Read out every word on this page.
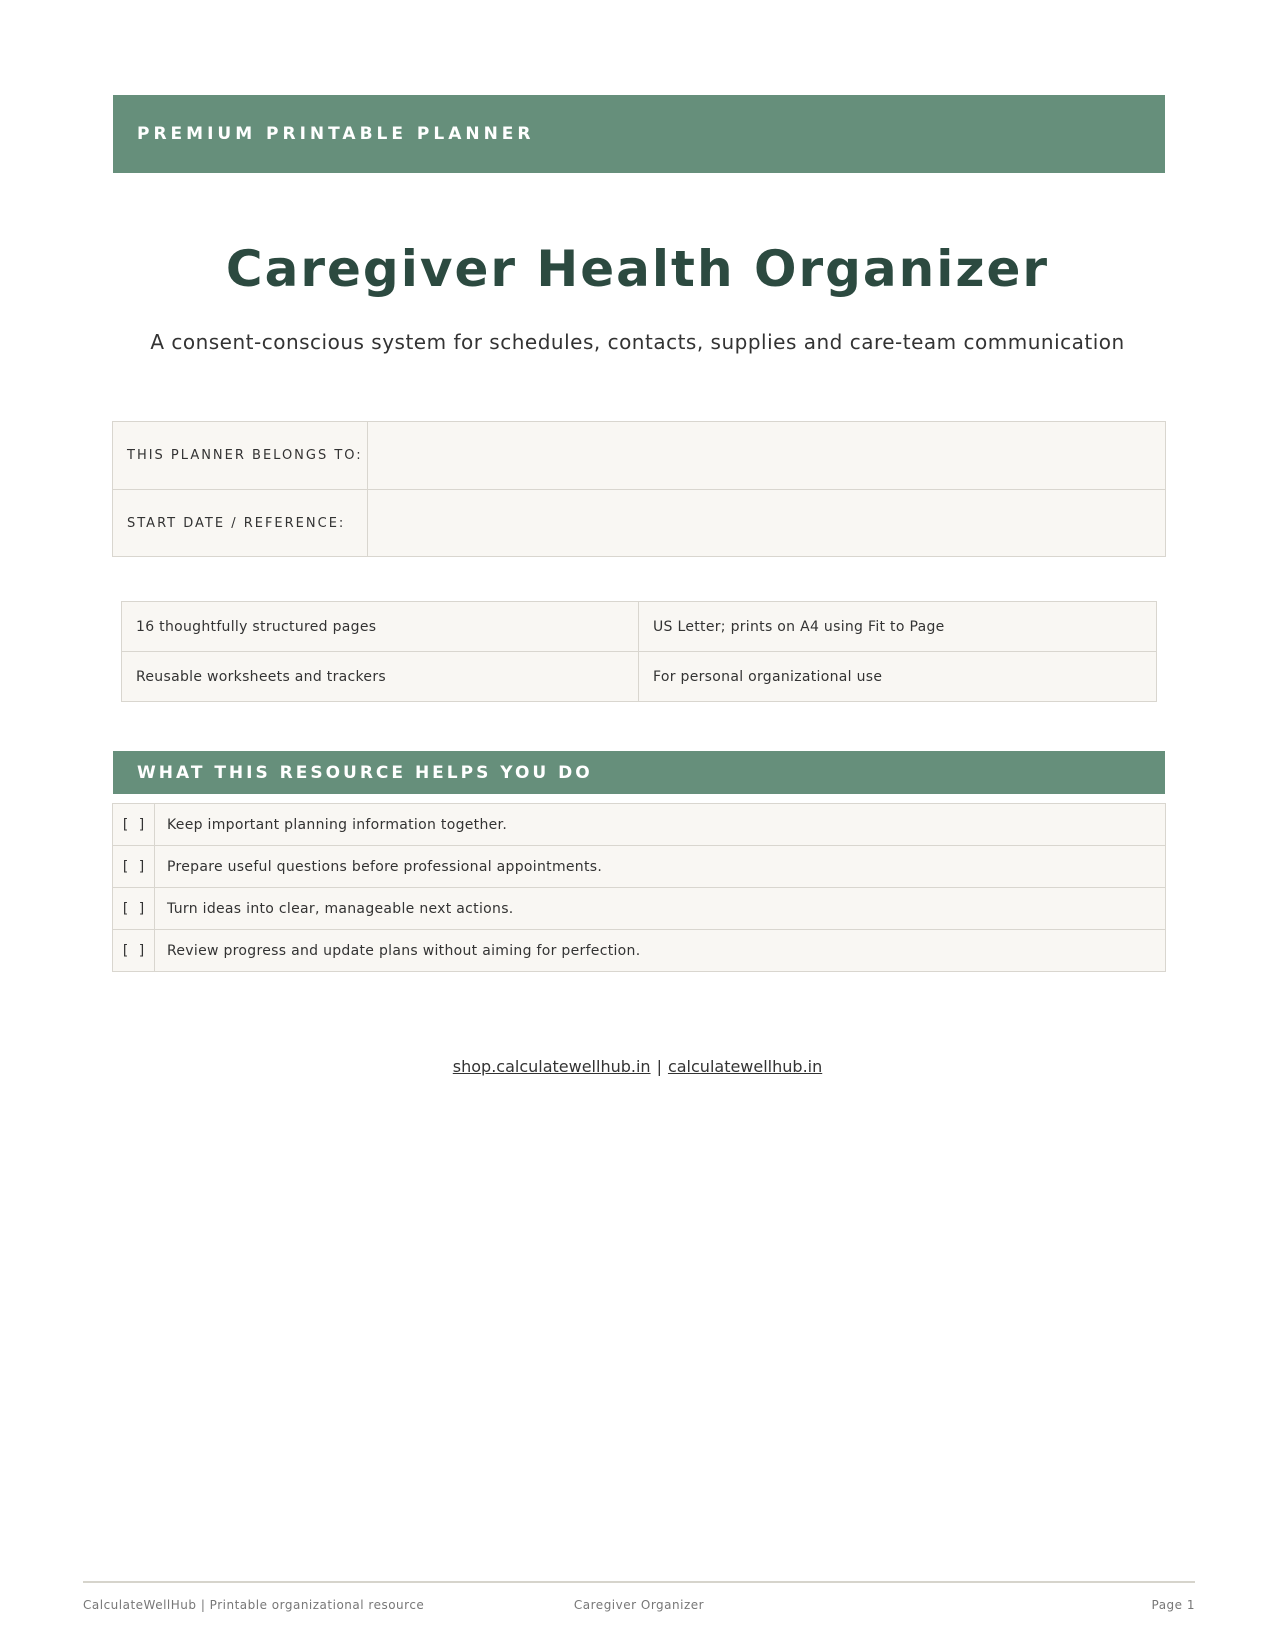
PREMIUM PRINTABLE PLANNER
Caregiver Health Organizer
A consent-conscious system for schedules, contacts, supplies and care-team communication
THIS PLANNER BELONGS TO:
START DATE / REFERENCE:
16 thoughtfully structured pages	US Letter; prints on A4 using Fit to Page
Reusable worksheets and trackers	For personal organizational use
WHAT THIS RESOURCE HELPS YOU DO
[ ]	Keep important planning information together.
[ ]	Prepare useful questions before professional appointments.
[ ]	Turn ideas into clear, manageable next actions.
[ ]	Review progress and update plans without aiming for perfection.
shop.calculatewellhub.in | calculatewellhub.in
CalculateWellHub | Printable organizational resource	Caregiver Organizer	Page 1
